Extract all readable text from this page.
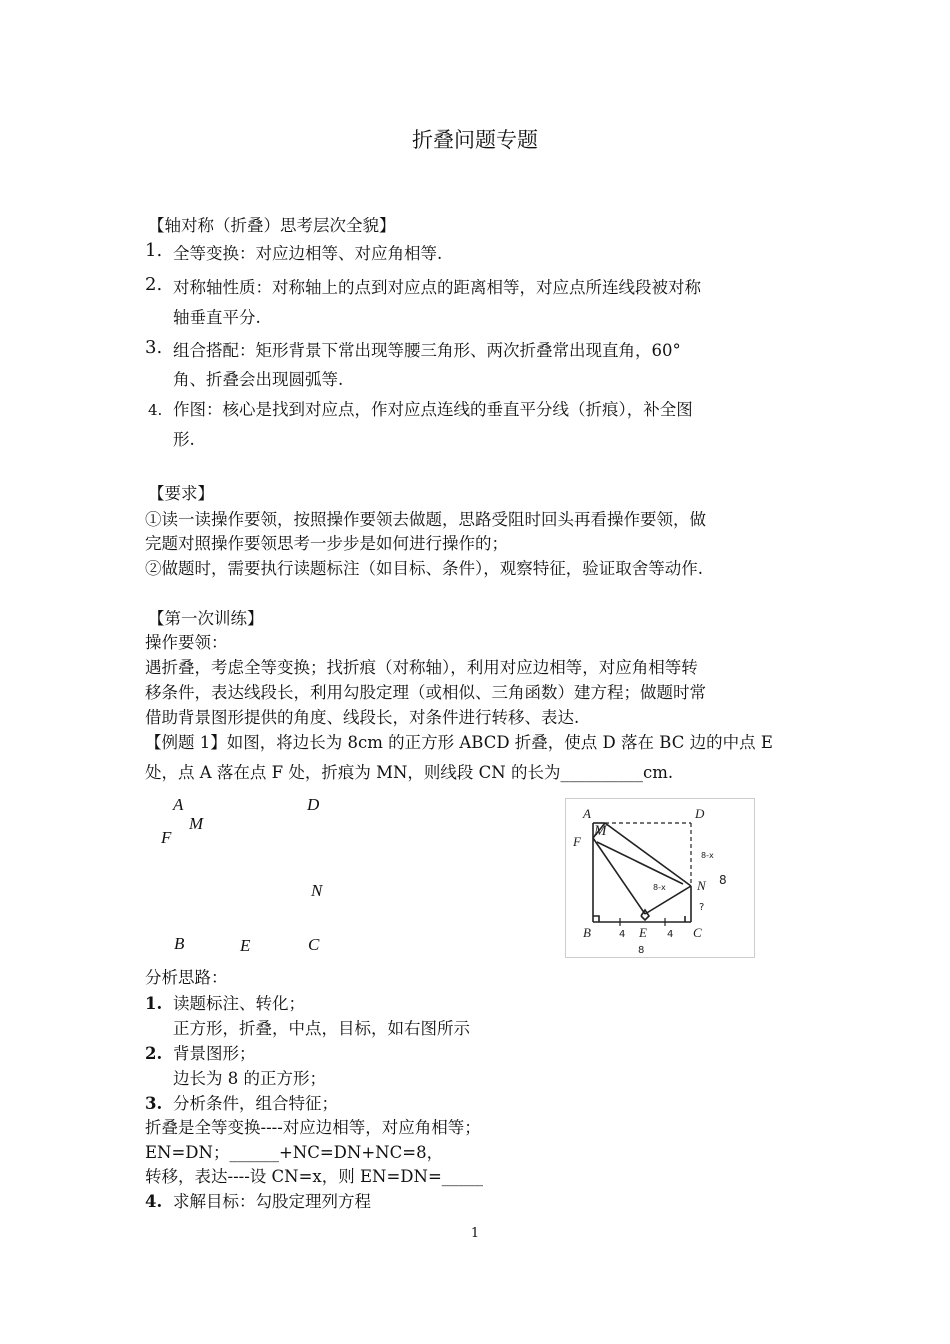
折叠问题专题
【轴对称（折叠）思考层次全貌】
1. 全等变换：对应边相等、对应角相等.
2. 对称轴性质：对称轴上的点到对应点的距离相等，对应点所连线段被对称
轴垂直平分.
3. 组合搭配：矩形背景下常出现等腰三角形、两次折叠常出现直角，60°
角、折叠会出现圆弧等.
4. 作图：核心是找到对应点，作对应点连线的垂直平分线（折痕），补全图
形.
【要求】
①读一读操作要领，按照操作要领去做题，思路受阻时回头再看操作要领，做
完题对照操作要领思考一步步是如何进行操作的；
②做题时，需要执行读题标注（如目标、条件），观察特征，验证取舍等动作.
【第一次训练】
操作要领：
遇折叠，考虑全等变换；找折痕（对称轴），利用对应边相等，对应角相等转
移条件，表达线段长，利用勾股定理（或相似、三角函数）建方程；做题时常
借助背景图形提供的角度、线段长，对条件进行转移、表达.
【例题 1】如图，将边长为 8cm 的正方形 ABCD 折叠，使点 D 落在 BC 边的中点 E
处，点 A 落在点 F 处，折痕为 MN，则线段 CN 的长为__________cm.
A
M
F
D
N
B	E	C
A	D
M
F
N
B	E	C
4	4
8
8
?
8-x
8-x
分析思路：
1. 读题标注、转化；
正方形，折叠，中点，目标，如右图所示
2. 背景图形；
边长为 8 的正方形；
3. 分析条件，组合特征；
折叠是全等变换----对应边相等，对应角相等；
EN=DN；______+NC=DN+NC=8，
转移，表达----设 CN=x，则 EN=DN=_____
4. 求解目标：勾股定理列方程
1
